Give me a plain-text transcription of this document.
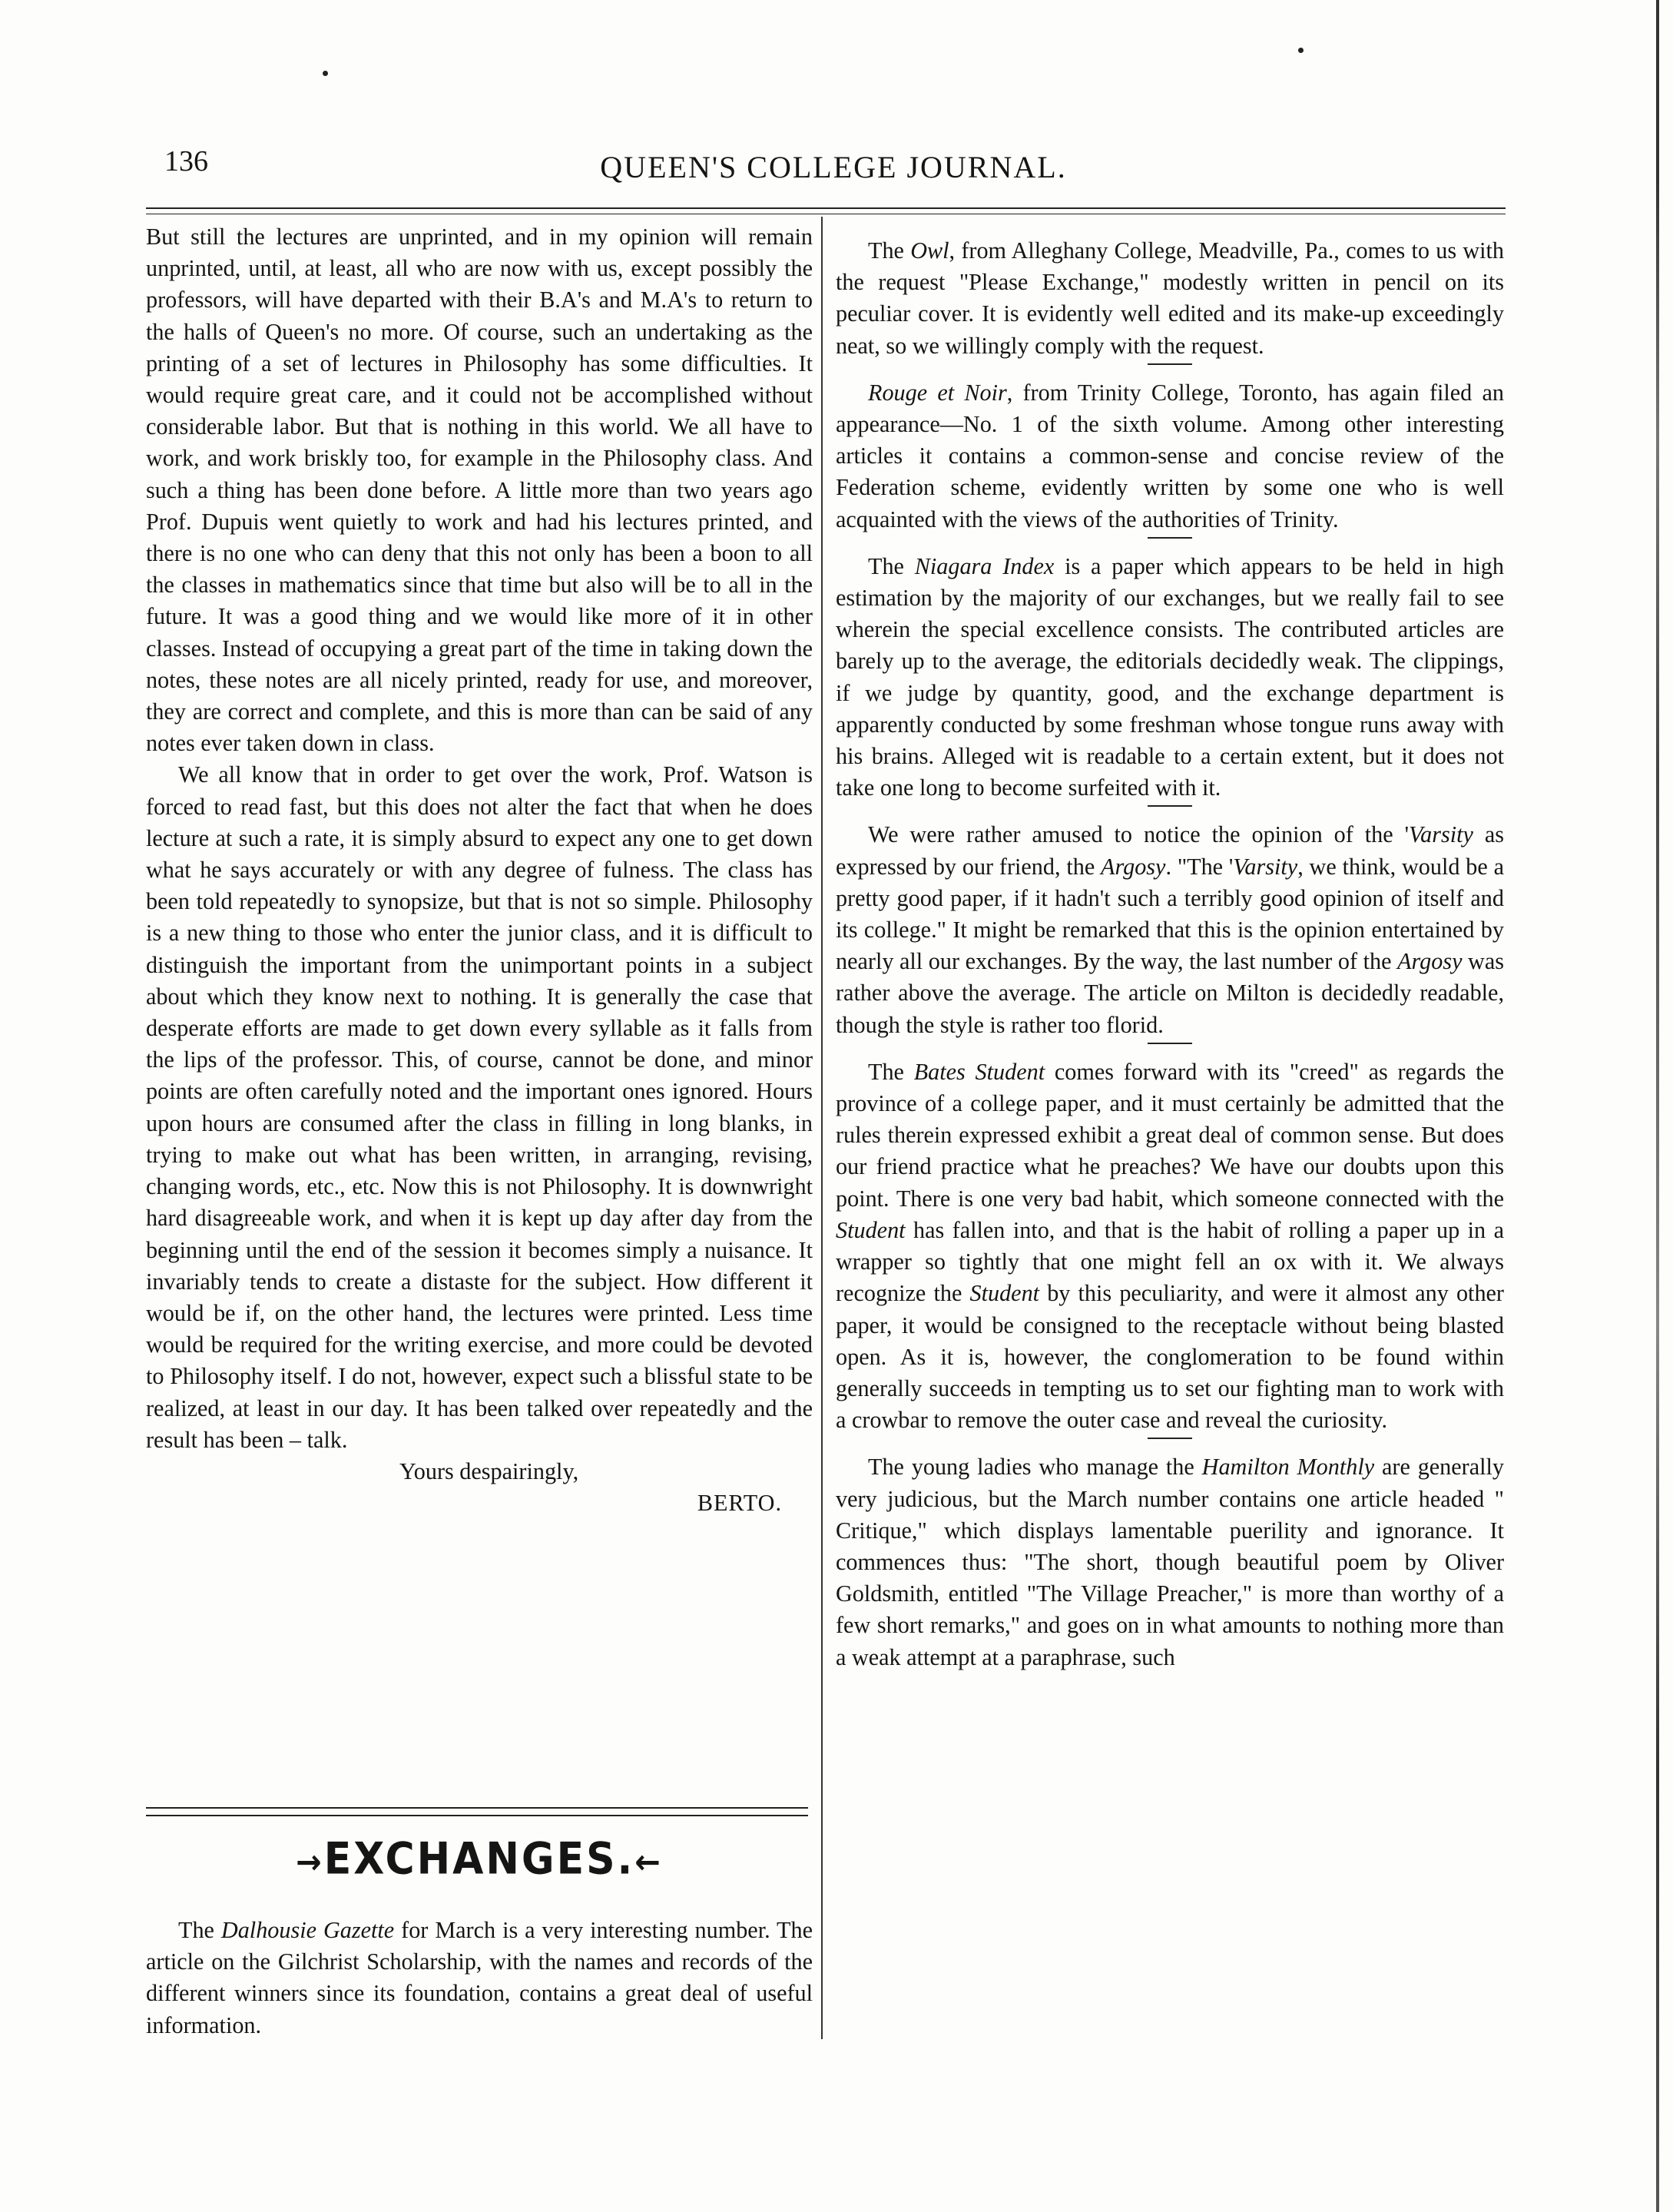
136	QUEEN'S COLLEGE JOURNAL.

But still the lectures are unprinted, and in my opinion will remain unprinted, until, at least, all who are now with us, except possibly the professors, will have departed with their B.A's and M.A's to return to the halls of Queen's no more. Of course, such an undertaking as the printing of a set of lectures in Philosophy has some difficulties. It would require great care, and it could not be accomplished without considerable labor. But that is nothing in this world. We all have to work, and work briskly too, for example in the Philosophy class. And such a thing has been done before. A little more than two years ago Prof. Dupuis went quietly to work and had his lectures printed, and there is no one who can deny that this not only has been a boon to all the classes in mathematics since that time but also will be to all in the future. It was a good thing and we would like more of it in other classes. Instead of occupying a great part of the time in taking down the notes, these notes are all nicely printed, ready for use, and moreover, they are correct and complete, and this is more than can be said of any notes ever taken down in class.

We all know that in order to get over the work, Prof. Watson is forced to read fast, but this does not alter the fact that when he does lecture at such a rate, it is simply absurd to expect any one to get down what he says accurately or with any degree of fulness. The class has been told repeatedly to synopsize, but that is not so simple. Philosophy is a new thing to those who enter the junior class, and it is difficult to distinguish the important from the unimportant points in a subject about which they know next to nothing. It is generally the case that desperate efforts are made to get down every syllable as it falls from the lips of the professor. This, of course, cannot be done, and minor points are often carefully noted and the important ones ignored. Hours upon hours are consumed after the class in filling in long blanks, in trying to make out what has been written, in arranging, revising, changing words, etc., etc. Now this is not Philosophy. It is downwright hard disagreeable work, and when it is kept up day after day from the beginning until the end of the session it becomes simply a nuisance. It invariably tends to create a distaste for the subject. How different it would be if, on the other hand, the lectures were printed. Less time would be required for the writing exercise, and more could be devoted to Philosophy itself. I do not, however, expect such a blissful state to be realized, at least in our day. It has been talked over repeatedly and the result has been – talk.

Yours despairingly,

BERTO.

→EXCHANGES.←

The Dalhousie Gazette for March is a very interesting number. The article on the Gilchrist Scholarship, with the names and records of the different winners since its foundation, contains a great deal of useful information.

The Owl, from Alleghany College, Meadville, Pa., comes to us with the request "Please Exchange," modestly written in pencil on its peculiar cover. It is evidently well edited and its make-up exceedingly neat, so we willingly comply with the request.

Rouge et Noir, from Trinity College, Toronto, has again filed an appearance—No. 1 of the sixth volume. Among other interesting articles it contains a common-sense and concise review of the Federation scheme, evidently written by some one who is well acquainted with the views of the authorities of Trinity.

The Niagara Index is a paper which appears to be held in high estimation by the majority of our exchanges, but we really fail to see wherein the special excellence consists. The contributed articles are barely up to the average, the editorials decidedly weak. The clippings, if we judge by quantity, good, and the exchange department is apparently conducted by some freshman whose tongue runs away with his brains. Alleged wit is readable to a certain extent, but it does not take one long to become surfeited with it.

We were rather amused to notice the opinion of the 'Varsity as expressed by our friend, the Argosy. "The 'Varsity, we think, would be a pretty good paper, if it hadn't such a terribly good opinion of itself and its college." It might be remarked that this is the opinion entertained by nearly all our exchanges. By the way, the last number of the Argosy was rather above the average. The article on Milton is decidedly readable, though the style is rather too florid.

The Bates Student comes forward with its "creed" as regards the province of a college paper, and it must certainly be admitted that the rules therein expressed exhibit a great deal of common sense. But does our friend practice what he preaches? We have our doubts upon this point. There is one very bad habit, which someone connected with the Student has fallen into, and that is the habit of rolling a paper up in a wrapper so tightly that one might fell an ox with it. We always recognize the Student by this peculiarity, and were it almost any other paper, it would be consigned to the receptacle without being blasted open. As it is, however, the conglomeration to be found within generally succeeds in tempting us to set our fighting man to work with a crowbar to remove the outer case and reveal the curiosity.

The young ladies who manage the Hamilton Monthly are generally very judicious, but the March number contains one article headed " Critique," which displays lamentable puerility and ignorance. It commences thus: "The short, though beautiful poem by Oliver Goldsmith, entitled "The Village Preacher," is more than worthy of a few short remarks," and goes on in what amounts to nothing more than a weak attempt at a paraphrase, such
